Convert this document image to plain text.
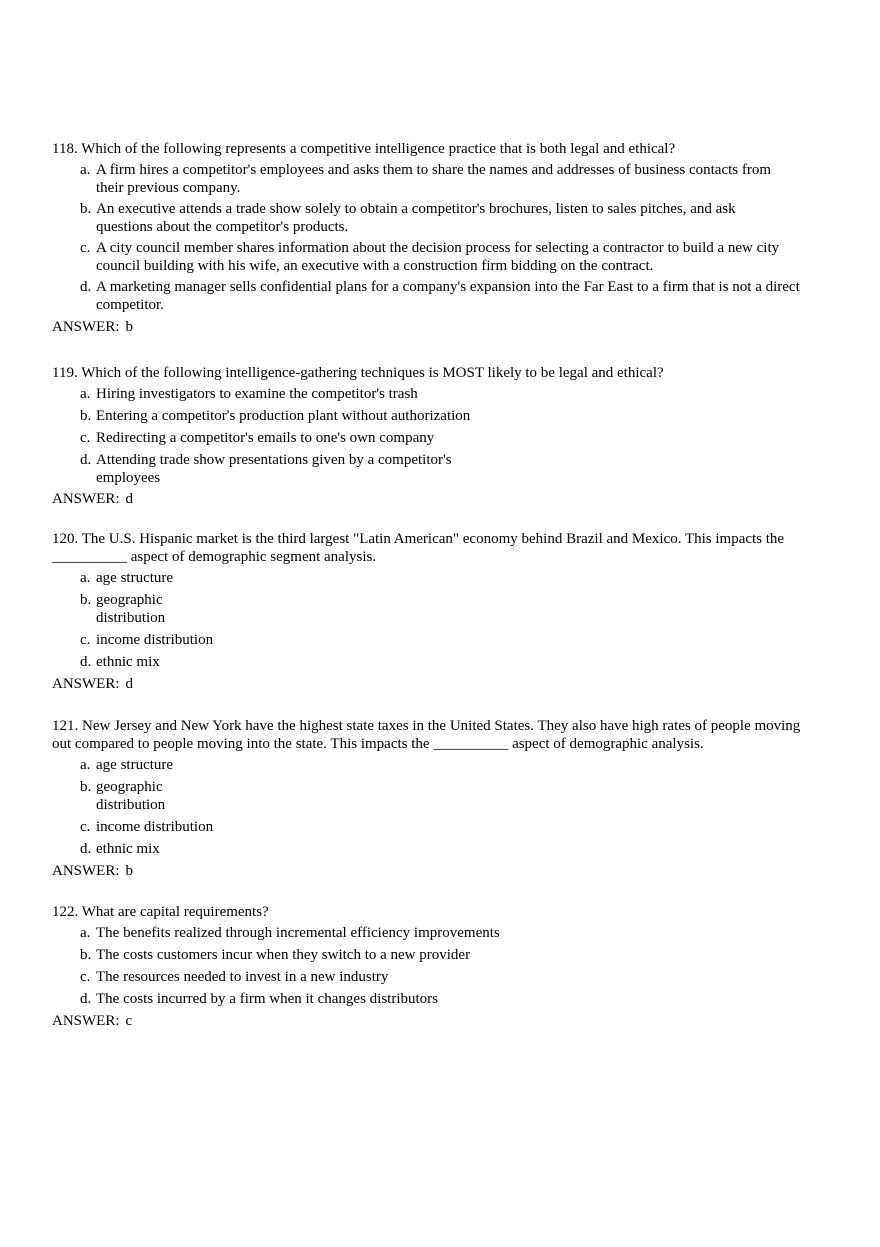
118. Which of the following represents a competitive intelligence practice that is both legal and ethical?

a. A firm hires a competitor's employees and asks them to share the names and addresses of business contacts from their previous company.
b. An executive attends a trade show solely to obtain a competitor's brochures, listen to sales pitches, and ask questions about the competitor's products.
c. A city council member shares information about the decision process for selecting a contractor to build a new city council building with his wife, an executive with a construction firm bidding on the contract.
d. A marketing manager sells confidential plans for a company's expansion into the Far East to a firm that is not a direct competitor.

ANSWER: b

119. Which of the following intelligence-gathering techniques is MOST likely to be legal and ethical?

a. Hiring investigators to examine the competitor's trash
b. Entering a competitor's production plant without authorization
c. Redirecting a competitor's emails to one's own company
d. Attending trade show presentations given by a competitor's employees

ANSWER: d

120. The U.S. Hispanic market is the third largest "Latin American" economy behind Brazil and Mexico. This impacts the __________ aspect of demographic segment analysis.

a. age structure
b. geographic distribution
c. income distribution
d. ethnic mix

ANSWER: d

121. New Jersey and New York have the highest state taxes in the United States. They also have high rates of people moving out compared to people moving into the state. This impacts the __________ aspect of demographic analysis.

a. age structure
b. geographic distribution
c. income distribution
d. ethnic mix

ANSWER: b

122. What are capital requirements?

a. The benefits realized through incremental efficiency improvements
b. The costs customers incur when they switch to a new provider
c. The resources needed to invest in a new industry
d. The costs incurred by a firm when it changes distributors

ANSWER: c
